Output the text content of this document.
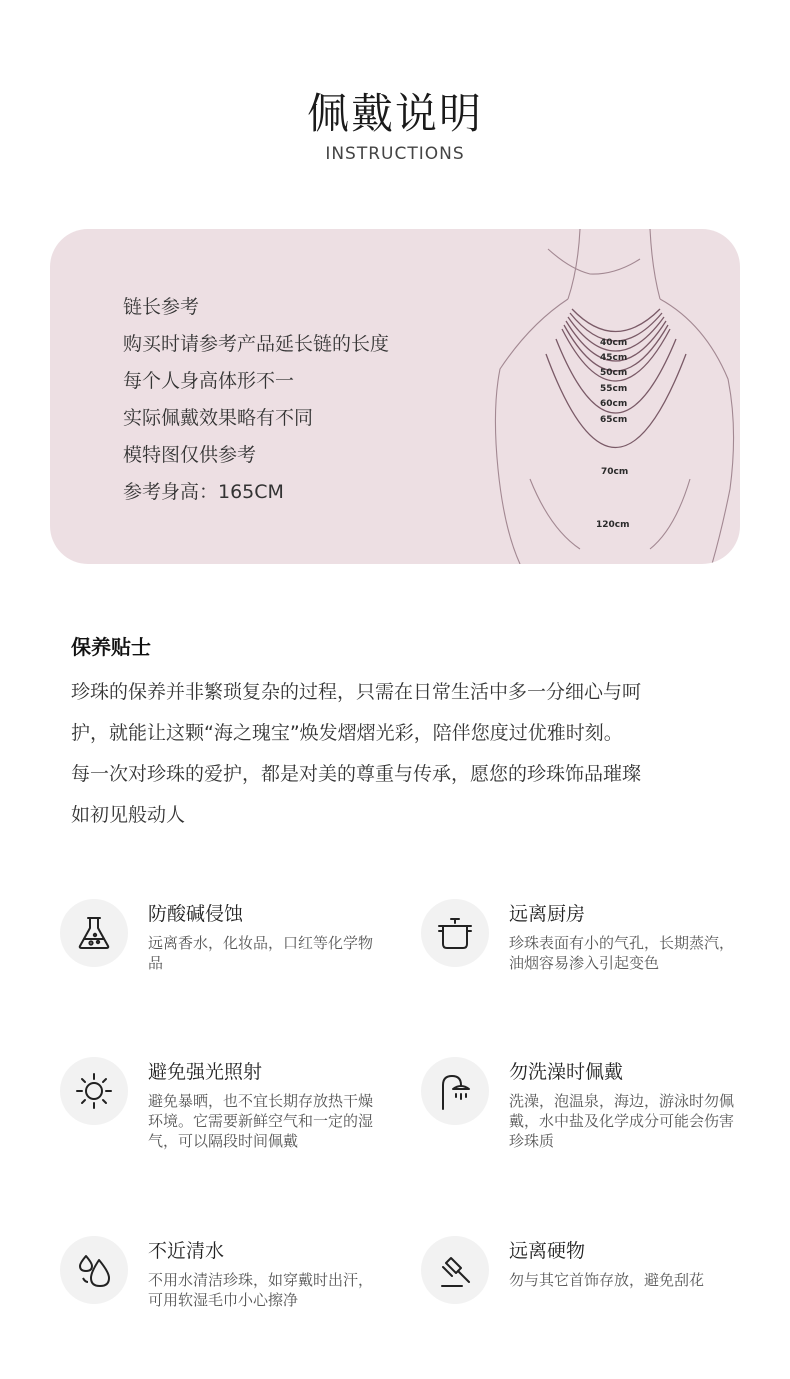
佩戴说明
INSTRUCTIONS
链长参考
购买时请参考产品延长链的长度
每个人身高体形不一
实际佩戴效果略有不同
模特图仅供参考
参考身高：165CM
40cm
45cm
50cm
55cm
60cm
65cm
70cm
120cm
保养贴士
珍珠的保养并非繁琐复杂的过程，只需在日常生活中多一分细心与呵
护，就能让这颗“海之瑰宝”焕发熠熠光彩，陪伴您度过优雅时刻。
每一次对珍珠的爱护，都是对美的尊重与传承，愿您的珍珠饰品璀璨
如初见般动人
防酸碱侵蚀
远离香水，化妆品，口红等化学物品
远离厨房
珍珠表面有小的气孔，长期蒸汽，油烟容易渗入引起变色
避免强光照射
避免暴晒，也不宜长期存放热干燥环境。它需要新鲜空气和一定的湿气，可以隔段时间佩戴
勿洗澡时佩戴
洗澡，泡温泉，海边，游泳时勿佩戴，水中盐及化学成分可能会伤害珍珠质
不近清水
不用水清洁珍珠，如穿戴时出汗，可用软湿毛巾小心擦净
远离硬物
勿与其它首饰存放，避免刮花
